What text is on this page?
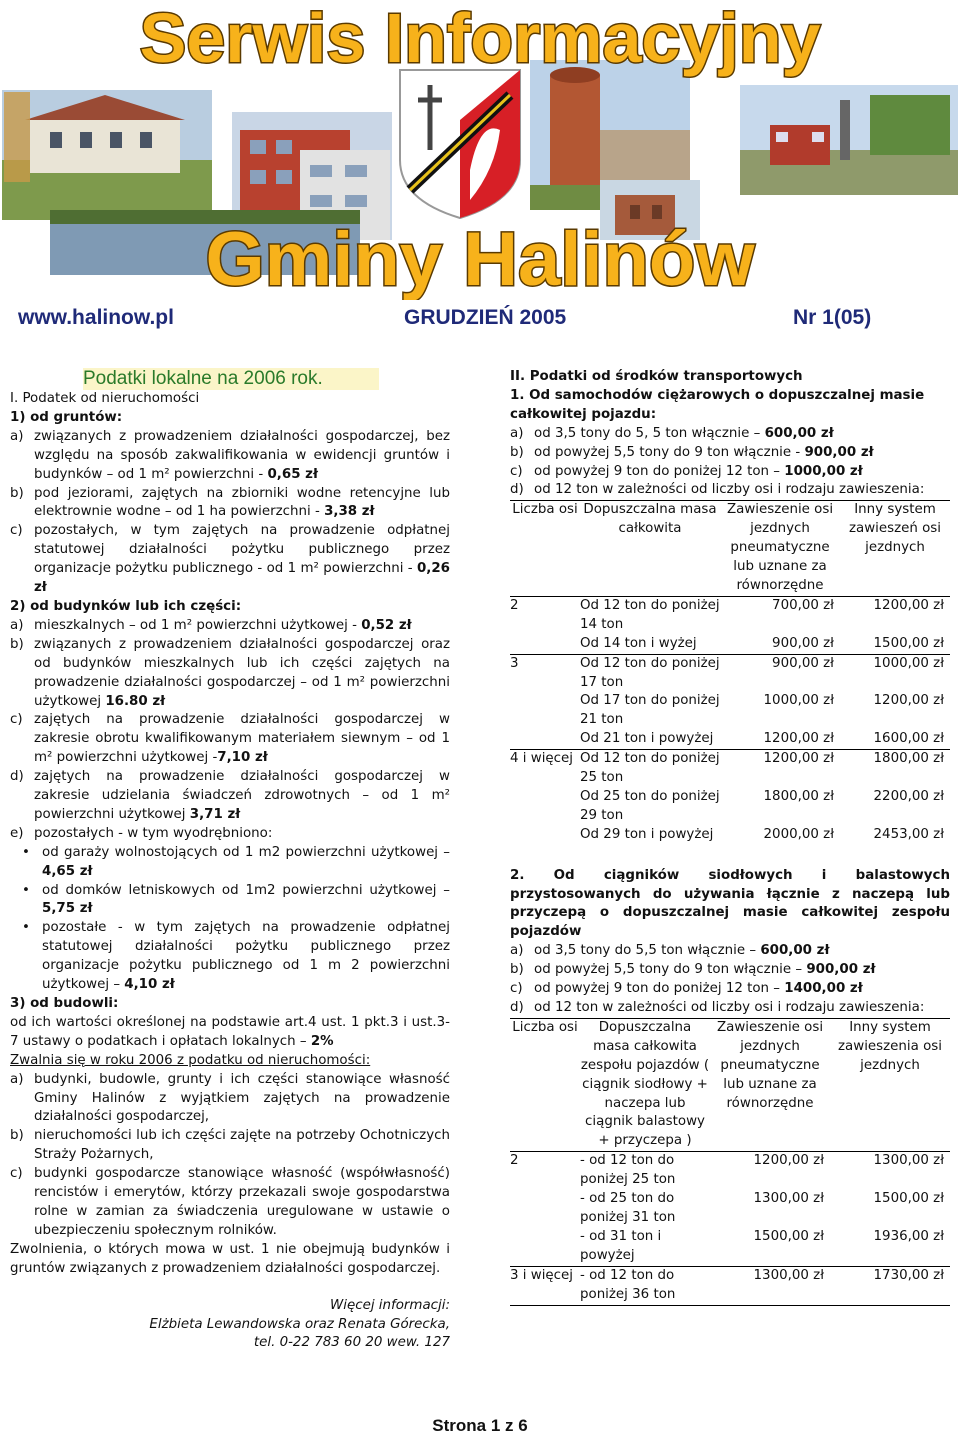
Serwis Informacyjny
Gminy Halinów
www.halinow.pl	GRUDZIEŃ 2005	Nr 1(05)
Podatki lokalne na 2006 rok.

I. Podatek od nieruchomości

1) od gruntów:

a) związanych z prowadzeniem działalności gospodarczej, bez względu na sposób zakwalifikowania w ewidencji gruntów i budynków – od 1 m² powierzchni - 0,65 zł
b) pod jeziorami, zajętych na zbiorniki wodne retencyjne lub elektrownie wodne – od 1 ha powierzchni - 3,38 zł
c) pozostałych, w tym zajętych na prowadzenie odpłatnej statutowej działalności pożytku publicznego przez organizacje pożytku publicznego - od 1 m² powierzchni - 0,26 zł

2) od budynków lub ich części:

a) mieszkalnych – od 1 m² powierzchni użytkowej - 0,52 zł
b) związanych z prowadzeniem działalności gospodarczej oraz od budynków mieszkalnych lub ich części zajętych na prowadzenie działalności gospodarczej – od 1 m² powierzchni użytkowej 16.80 zł
c) zajętych na prowadzenie działalności gospodarczej w zakresie obrotu kwalifikowanym materiałem siewnym – od 1 m² powierzchni użytkowej -7,10 zł
d) zajętych na prowadzenie działalności gospodarczej w zakresie udzielania świadczeń zdrowotnych – od 1 m² powierzchni użytkowej 3,71 zł
e) pozostałych - w tym wyodrębniono:
• od garaży wolnostojących od 1 m2 powierzchni użytkowej – 4,65 zł
• od domków letniskowych od 1m2 powierzchni użytkowej – 5,75 zł
• pozostałe - w tym zajętych na prowadzenie odpłatnej statutowej działalności pożytku publicznego przez organizacje pożytku publicznego od 1 m 2 powierzchni użytkowej – 4,10 zł

3) od budowli:

od ich wartości określonej na podstawie art.4 ust. 1 pkt.3 i ust.3-7 ustawy o podatkach i opłatach lokalnych – 2%

Zwalnia się w roku 2006 z podatku od nieruchomości:

a) budynki, budowle, grunty i ich części stanowiące własność Gminy Halinów z wyjątkiem zajętych na prowadzenie działalności gospodarczej,
b) nieruchomości lub ich części zajęte na potrzeby Ochotniczych Straży Pożarnych,
c) budynki gospodarcze stanowiące własność (współwłasność) rencistów i emerytów, którzy przekazali swoje gospodarstwa rolne w zamian za świadczenia uregulowane w ustawie o ubezpieczeniu społecznym rolników.

Zwolnienia, o których mowa w ust. 1 nie obejmują budynków i gruntów związanych z prowadzeniem działalności gospodarczej.

Więcej informacji:
Elżbieta Lewandowska oraz Renata Górecka,
tel. 0-22 783 60 20 wew. 127

II. Podatki od środków transportowych

1. Od samochodów ciężarowych o dopuszczalnej masie całkowitej pojazdu:

a) od 3,5 tony do 5, 5 ton włącznie – 600,00 zł
b) od powyżej 5,5 tony do 9 ton włącznie - 900,00 zł
c) od powyżej 9 ton do poniżej 12 ton – 1000,00 zł
d) od 12 ton w zależności od liczby osi i rodzaju zawieszenia:
Liczba osi	Dopuszczalna masa całkowita	Zawieszenie osi jezdnych pneumatyczne lub uznane za równorzędne	Inny system zawieszeń osi jezdnych
2	Od 12 ton do poniżej 14 ton	700,00 zł	1200,00 zł
	Od 14 ton i wyżej	900,00 zł	1500,00 zł
3	Od 12 ton do poniżej 17 ton	900,00 zł	1000,00 zł
	Od 17 ton do poniżej 21 ton	1000,00 zł	1200,00 zł
	Od 21 ton i powyżej	1200,00 zł	1600,00 zł
4 i więcej	Od 12 ton do poniżej 25 ton	1200,00 zł	1800,00 zł
	Od 25 ton do poniżej 29 ton	1800,00 zł	2200,00 zł
	Od 29 ton i powyżej	2000,00 zł	2453,00 zł

2. Od ciągników siodłowych i balastowych przystosowanych do używania łącznie z naczepą lub przyczepą o dopuszczalnej masie całkowitej zespołu pojazdów

a) od 3,5 tony do 5,5 ton włącznie – 600,00 zł
b) od powyżej 5,5 tony do 9 ton włącznie – 900,00 zł
c) od powyżej 9 ton do poniżej 12 ton – 1400,00 zł
d) od 12 ton w zależności od liczby osi i rodzaju zawieszenia:
Liczba osi	Dopuszczalna masa całkowita zespołu pojazdów ( ciągnik siodłowy + naczepa lub ciągnik balastowy + przyczepa )	Zawieszenie osi jezdnych pneumatyczne lub uznane za równorzędne	Inny system zawieszenia osi jezdnych
2	- od 12 ton do poniżej 25 ton	1200,00 zł	1300,00 zł
	- od 25 ton do poniżej 31 ton	1300,00 zł	1500,00 zł
	- od 31 ton i powyżej	1500,00 zł	1936,00 zł
3 i więcej	- od 12 ton do poniżej 36 ton	1300,00 zł	1730,00 zł
Strona 1 z 6
